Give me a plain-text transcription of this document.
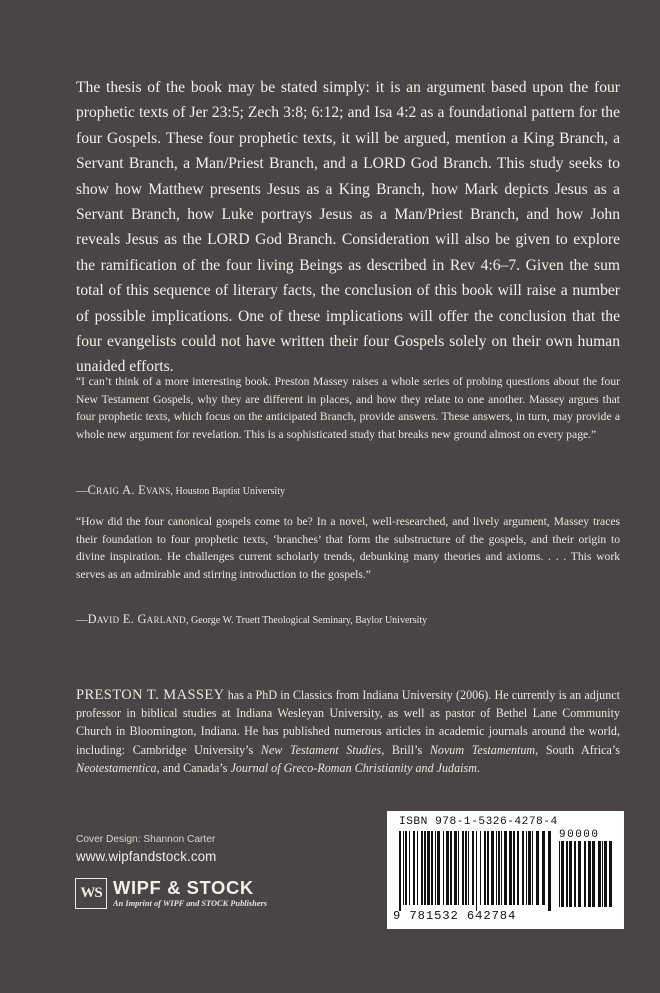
The thesis of the book may be stated simply: it is an argument based upon the four prophetic texts of Jer 23:5; Zech 3:8; 6:12; and Isa 4:2 as a foundational pattern for the four Gospels. These four prophetic texts, it will be argued, mention a King Branch, a Servant Branch, a Man/Priest Branch, and a LORD God Branch. This study seeks to show how Matthew presents Jesus as a King Branch, how Mark depicts Jesus as a Servant Branch, how Luke portrays Jesus as a Man/Priest Branch, and how John reveals Jesus as the LORD God Branch. Consideration will also be given to explore the ramification of the four living Beings as described in Rev 4:6–7. Given the sum total of this sequence of literary facts, the conclusion of this book will raise a number of possible implications. One of these implications will offer the conclusion that the four evangelists could not have written their four Gospels solely on their own human unaided efforts.

“I can’t think of a more interesting book. Preston Massey raises a whole series of probing questions about the four New Testament Gospels, why they are different in places, and how they relate to one another. Massey argues that four prophetic texts, which focus on the anticipated Branch, provide answers. These answers, in turn, may provide a whole new argument for revelation. This is a sophisticated study that breaks new ground almost on every page.”

—Craig A. Evans, Houston Baptist University

“How did the four canonical gospels come to be? In a novel, well-researched, and lively argument, Massey traces their foundation to four prophetic texts, ‘branches’ that form the substructure of the gospels, and their origin to divine inspiration. He challenges current scholarly trends, debunking many theories and axioms. . . . This work serves as an admirable and stirring introduction to the gospels.”

—David E. Garland, George W. Truett Theological Seminary, Baylor University

PRESTON T. MASSEY has a PhD in Classics from Indiana University (2006). He currently is an adjunct professor in biblical studies at Indiana Wesleyan University, as well as pastor of Bethel Lane Community Church in Bloomington, Indiana. He has published numerous articles in academic journals around the world, including: Cambridge University’s New Testament Studies, Brill’s Novum Testamentum, South Africa’s Neotestamentica, and Canada’s Journal of Greco-Roman Christianity and Judaism.

Cover Design: Shannon Carter
www.wipfandstock.com
WS WIPF & STOCK
An Imprint of WIPF and STOCK Publishers
ISBN 978-1-5326-4278-4
90000
9 781532 642784
